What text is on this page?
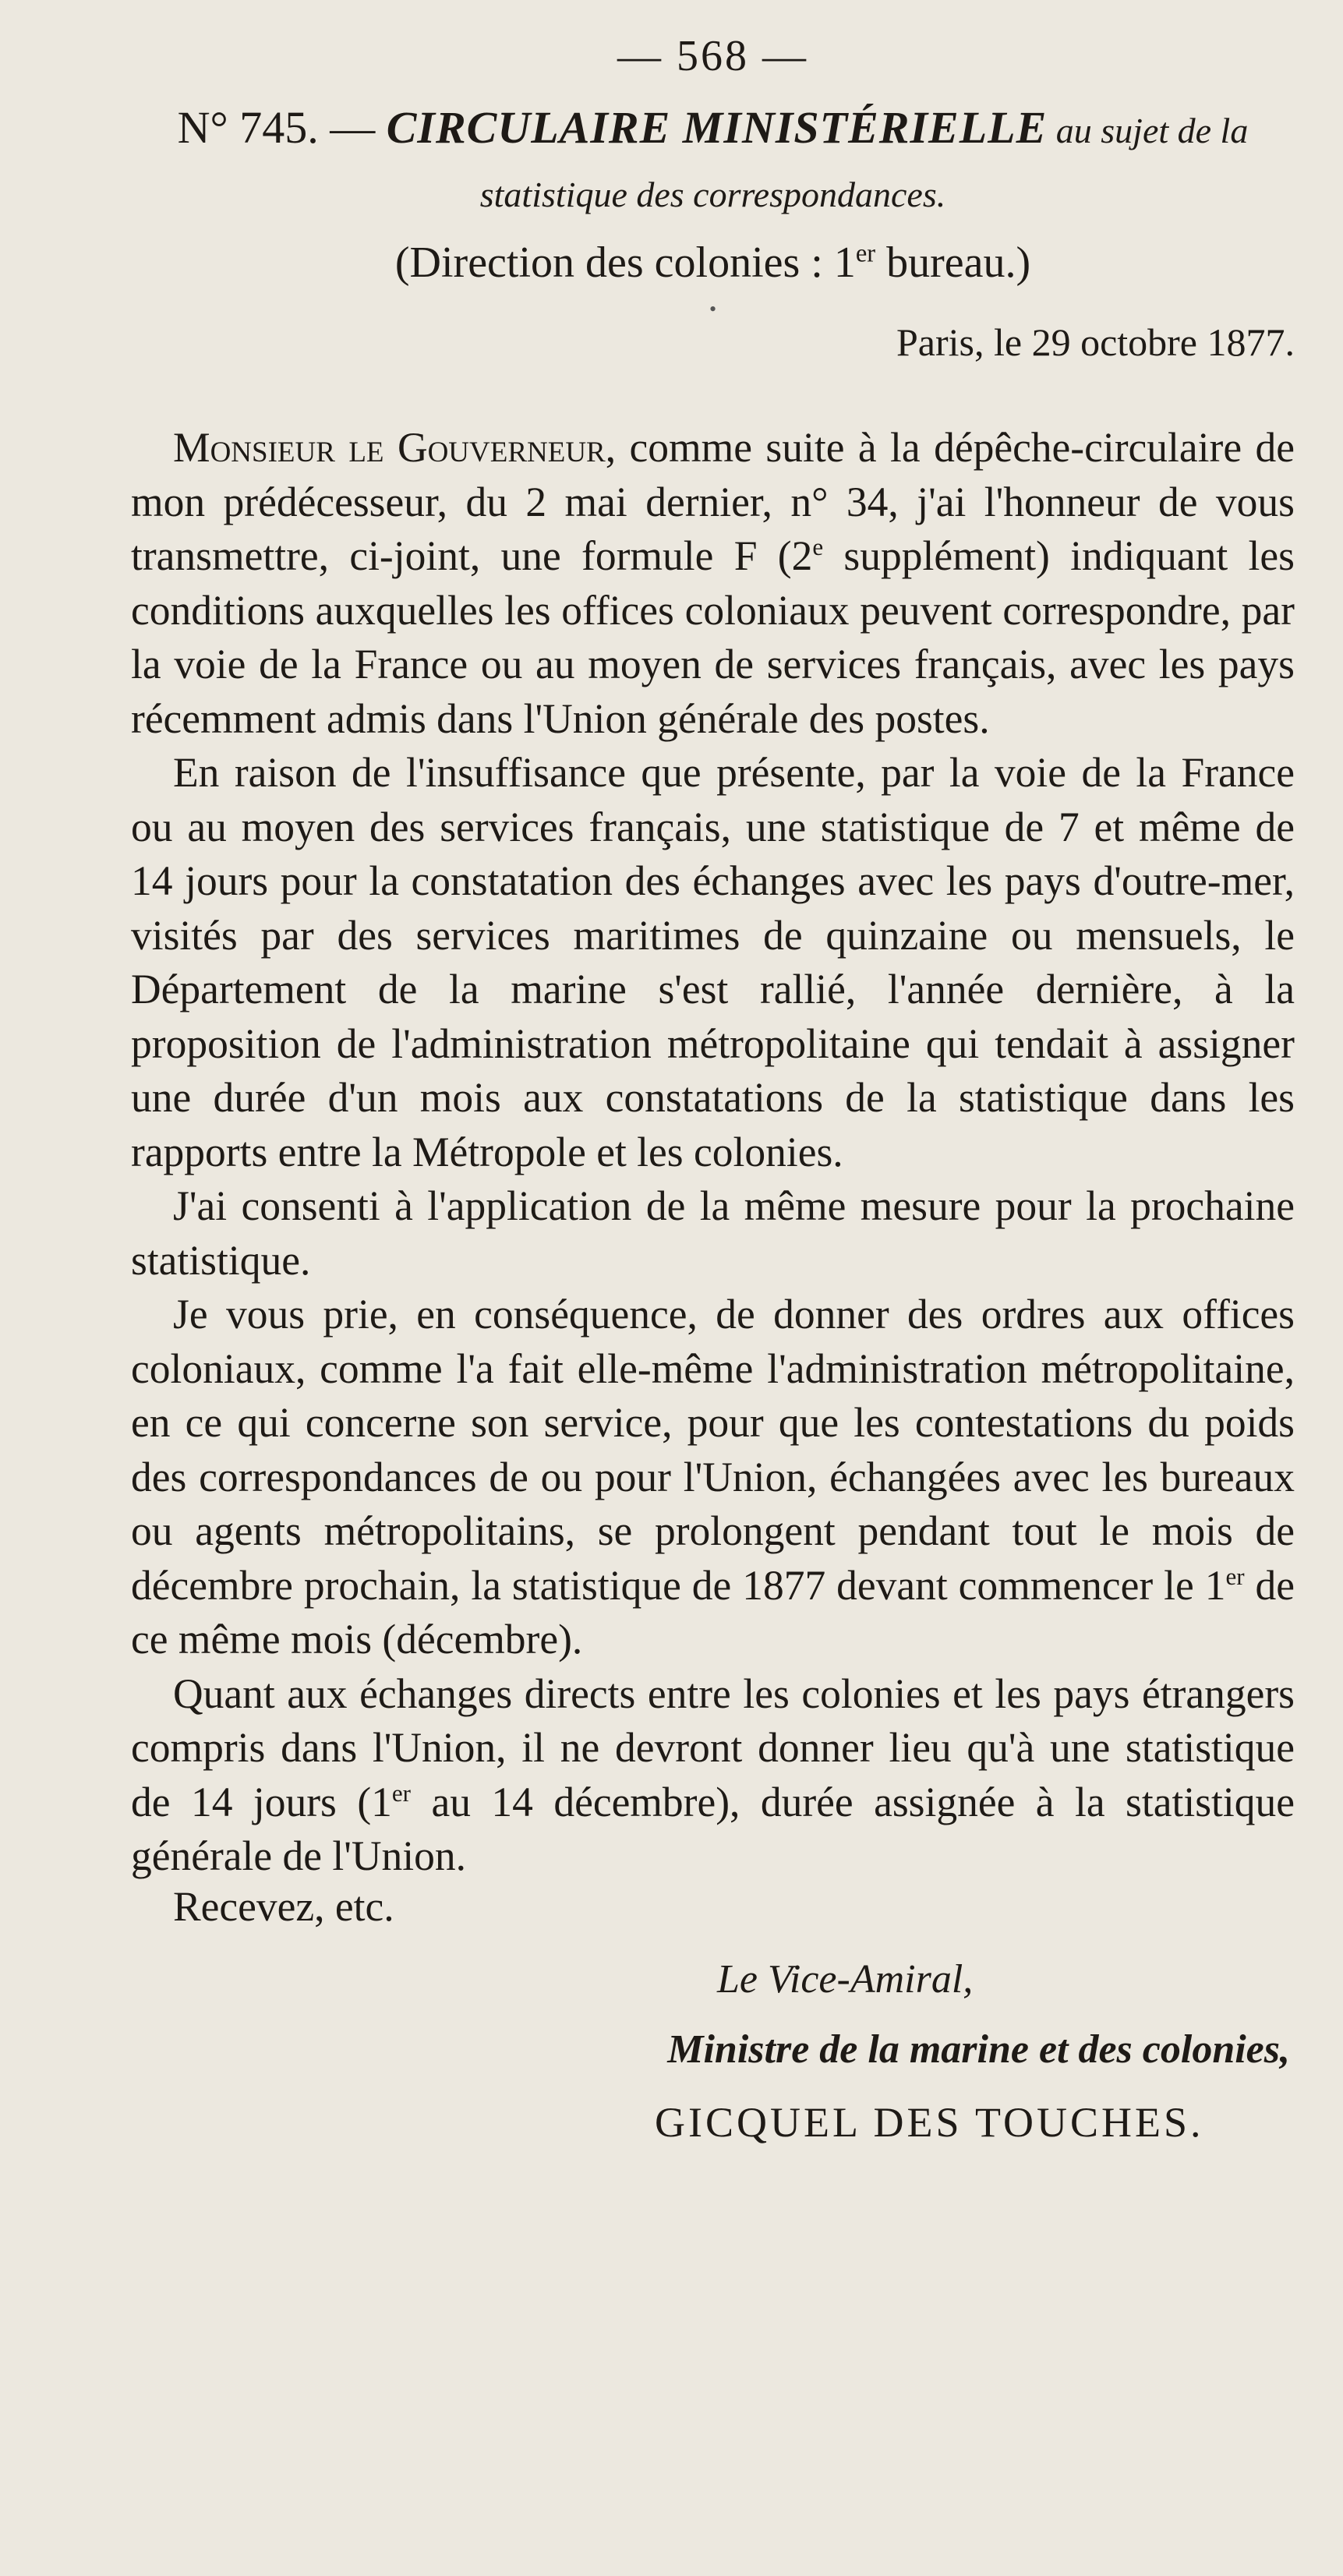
— 568 —
N° 745. — CIRCULAIRE MINISTÉRIELLE au sujet de la
statistique des correspondances.
(Direction des colonies : 1er bureau.)
•
Paris, le 29 octobre 1877.

Monsieur le Gouverneur, comme suite à la dépêche-circulaire de mon prédécesseur, du 2 mai dernier, n° 34, j'ai l'honneur de vous transmettre, ci-joint, une formule F (2e supplément) indiquant les conditions auxquelles les offices coloniaux peuvent correspondre, par la voie de la France ou au moyen de services français, avec les pays récemment admis dans l'Union générale des postes.

En raison de l'insuffisance que présente, par la voie de la France ou au moyen des services français, une statistique de 7 et même de 14 jours pour la constatation des échanges avec les pays d'outre-mer, visités par des services maritimes de quinzaine ou mensuels, le Département de la marine s'est rallié, l'année dernière, à la proposition de l'administration métropolitaine qui tendait à assigner une durée d'un mois aux constatations de la statistique dans les rapports entre la Métropole et les colonies.

J'ai consenti à l'application de la même mesure pour la prochaine statistique.

Je vous prie, en conséquence, de donner des ordres aux offices coloniaux, comme l'a fait elle-même l'administration métropolitaine, en ce qui concerne son service, pour que les contestations du poids des correspondances de ou pour l'Union, échangées avec les bureaux ou agents métropolitains, se prolongent pendant tout le mois de décembre prochain, la statistique de 1877 devant commencer le 1er de ce même mois (décembre).

Quant aux échanges directs entre les colonies et les pays étrangers compris dans l'Union, il ne devront donner lieu qu'à une statistique de 14 jours (1er au 14 décembre), durée assignée à la statistique générale de l'Union.

Recevez, etc.
Le Vice-Amiral,
Ministre de la marine et des colonies,
GICQUEL DES TOUCHES.
